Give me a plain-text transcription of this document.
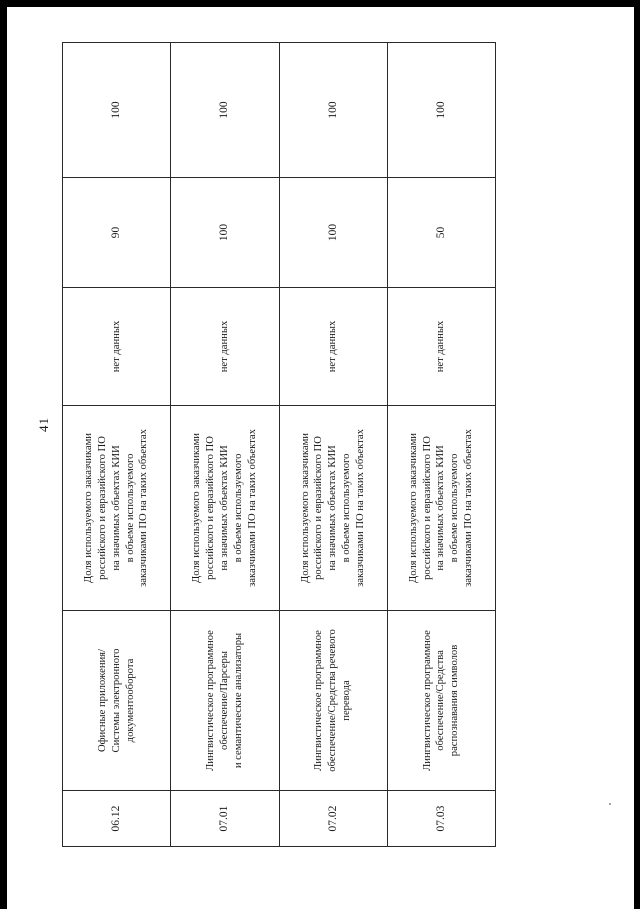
41
06.12	Офисные приложения/ Системы электронного документооборота	Доля используемого заказчиками российского и евразийского ПО на значимых объектах КИИ в объеме используемого заказчиками ПО на таких объектах	нет данных	90	100
07.01	Лингвистическое программное обеспечение/Парсеры и семантические анализаторы	Доля используемого заказчиками российского и евразийского ПО на значимых объектах КИИ в объеме используемого заказчиками ПО на таких объектах	нет данных	100	100
07.02	Лингвистическое программное обеспечение/Средства речевого перевода	Доля используемого заказчиками российского и евразийского ПО на значимых объектах КИИ в объеме используемого заказчиками ПО на таких объектах	нет данных	100	100
07.03	Лингвистическое программное обеспечение/Средства распознавания символов	Доля используемого заказчиками российского и евразийского ПО на значимых объектах КИИ в объеме используемого заказчиками ПО на таких объектах	нет данных	50	100
